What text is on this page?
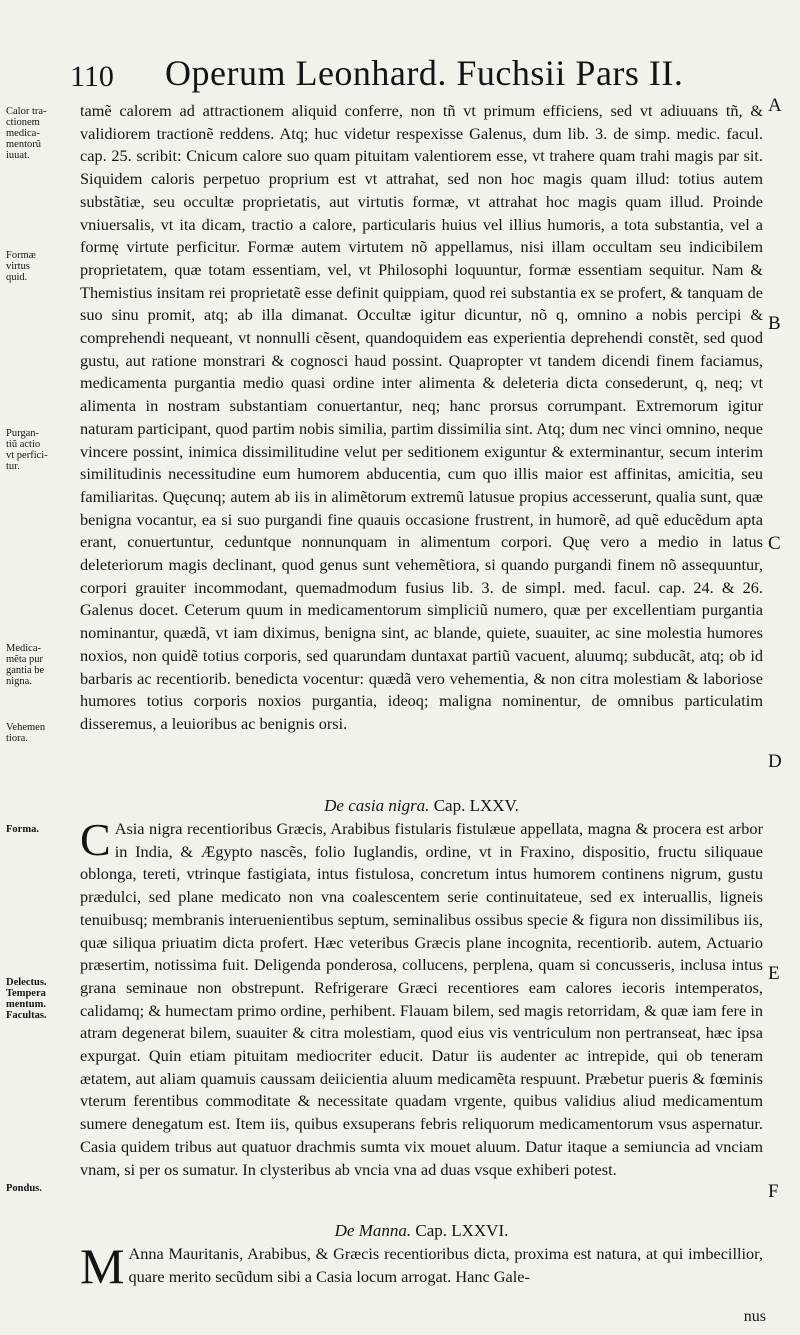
110 Operum Leonhard. Fuchsii Pars II.
Calor tra-
ctionem
medica-
mentorũ
iuuat.
Formæ
virtus
quid.
Purgan-
tiũ actio
vt perfici-
tur.
Medica-
mẽta pur
gantia be
nigna.
Vehemen
tiora.
Forma.
Delectus.
Tempera
mentum.
Facultas.
Pondus.
A
B
C
D
E
F

tamẽ calorem ad attractionem aliquid conferre, non tñ vt primum efficiens, sed vt adiuuans tñ, & validiorem tractionẽ reddens. Atq; huc videtur respexisse Galenus, dum lib. 3. de simp. medic. facul. cap. 25. scribit: Cnicum calore suo quam pituitam valentiorem esse, vt trahere quam trahi magis par sit. Siquidem caloris perpetuo proprium est vt attrahat, sed non hoc magis quam illud: totius autem substãtiæ, seu occultæ proprietatis, aut virtutis formæ, vt attrahat hoc magis quam illud. Proinde vniuersalis, vt ita dicam, tractio a calore, particularis huius vel illius humoris, a tota substantia, vel a formę virtute perficitur. Formæ autem virtutem nõ appellamus, nisi illam occultam seu indicibilem proprietatem, quæ totam essentiam, vel, vt Philosophi loquuntur, formæ essentiam sequitur. Nam & Themistius insitam rei proprietatẽ esse definit quippiam, quod rei substantia ex se profert, & tanquam de suo sinu promit, atq; ab illa dimanat. Occultæ igitur dicuntur, nõ q, omnino a nobis percipi & comprehendi nequeant, vt nonnulli cẽsent, quandoquidem eas experientia deprehendi constẽt, sed quod gustu, aut ratione monstrari & cognosci haud possint. Quapropter vt tandem dicendi finem faciamus, medicamenta purgantia medio quasi ordine inter alimenta & deleteria dicta consederunt, q, neq; vt alimenta in nostram substantiam conuertantur, neq; hanc prorsus corrumpant. Extremorum igitur naturam participant, quod partim nobis similia, partim dissimilia sint. Atq; dum nec vinci omnino, neque vincere possint, inimica dissimilitudine velut per seditionem exiguntur & exterminantur, secum interim similitudinis necessitudine eum humorem abducentia, cum quo illis maior est affinitas, amicitia, seu familiaritas. Quęcunq; autem ab iis in alimẽtorum extremũ latusue propius accesserunt, qualia sunt, quæ benigna vocantur, ea si suo purgandi fine quauis occasione frustrent, in humorẽ, ad quẽ educẽdum apta erant, conuertuntur, ceduntque nonnunquam in alimentum corpori. Quę vero a medio in latus deleteriorum magis declinant, quod genus sunt vehemẽtiora, si quando purgandi finem nõ assequuntur, corpori grauiter incommodant, quemadmodum fusius lib. 3. de simpl. med. facul. cap. 24. & 26. Galenus docet. Ceterum quum in medicamentorum simpliciũ numero, quæ per excellentiam purgantia nominantur, quædã, vt iam diximus, benigna sint, ac blande, quiete, suauiter, ac sine molestia humores noxios, non quidẽ totius corporis, sed quarundam duntaxat partiũ vacuent, aluumq; subducãt, atq; ob id barbaris ac recentiorib. benedicta vocentur: quædã vero vehementia, & non citra molestiam & laboriose humores totius corporis noxios purgantia, ideoq; maligna nominentur, de omnibus particulatim disseremus, a leuioribus ac benignis orsi.

De casia nigra. Cap. LXXV.

C Asia nigra recentioribus Græcis, Arabibus fistularis fistulæue appellata, magna & procera est arbor in India, & Ægypto nascẽs, folio Iuglandis, ordine, vt in Fraxino, dispositio, fructu siliquaue oblonga, tereti, vtrinque fastigiata, intus fistulosa, concretum intus humorem continens nigrum, gustu prædulci, sed plane medicato non vna coalescentem serie continuitateue, sed ex interuallis, ligneis tenuibusq; membranis interuenientibus septum, seminalibus ossibus specie & figura non dissimilibus iis, quæ siliqua priuatim dicta profert. Hæc veteribus Græcis plane incognita, recentiorib. autem, Actuario præsertim, notissima fuit. Deligenda ponderosa, collucens, perplena, quam si concusseris, inclusa intus grana seminaue non obstrepunt. Refrigerare Græci recentiores eam calores iecoris intemperatos, calidamq; & humectam primo ordine, perhibent. Flauam bilem, sed magis retorridam, & quæ iam fere in atram degenerat bilem, suauiter & citra molestiam, quod eius vis ventriculum non pertranseat, hæc ipsa expurgat. Quin etiam pituitam mediocriter educit. Datur iis audenter ac intrepide, qui ob teneram ætatem, aut aliam quamuis caussam deiicientia aluum medicamẽta respuunt. Præbetur pueris & fœminis vterum ferentibus commoditate & necessitate quadam vrgente, quibus validius aliud medicamentum sumere denegatum est. Item iis, quibus exsuperans febris reliquorum medicamentorum vsus aspernatur. Casia quidem tribus aut quatuor drachmis sumta vix mouet aluum. Datur itaque a semiuncia ad vnciam vnam, si per os sumatur. In clysteribus ab vncia vna ad duas vsque exhiberi potest.

De Manna. Cap. LXXVI.

M Anna Mauritanis, Arabibus, & Græcis recentioribus dicta, proxima est natura, at qui imbecillior, quare merito secũdum sibi a Casia locum arrogat. Hanc Gale-

nus
